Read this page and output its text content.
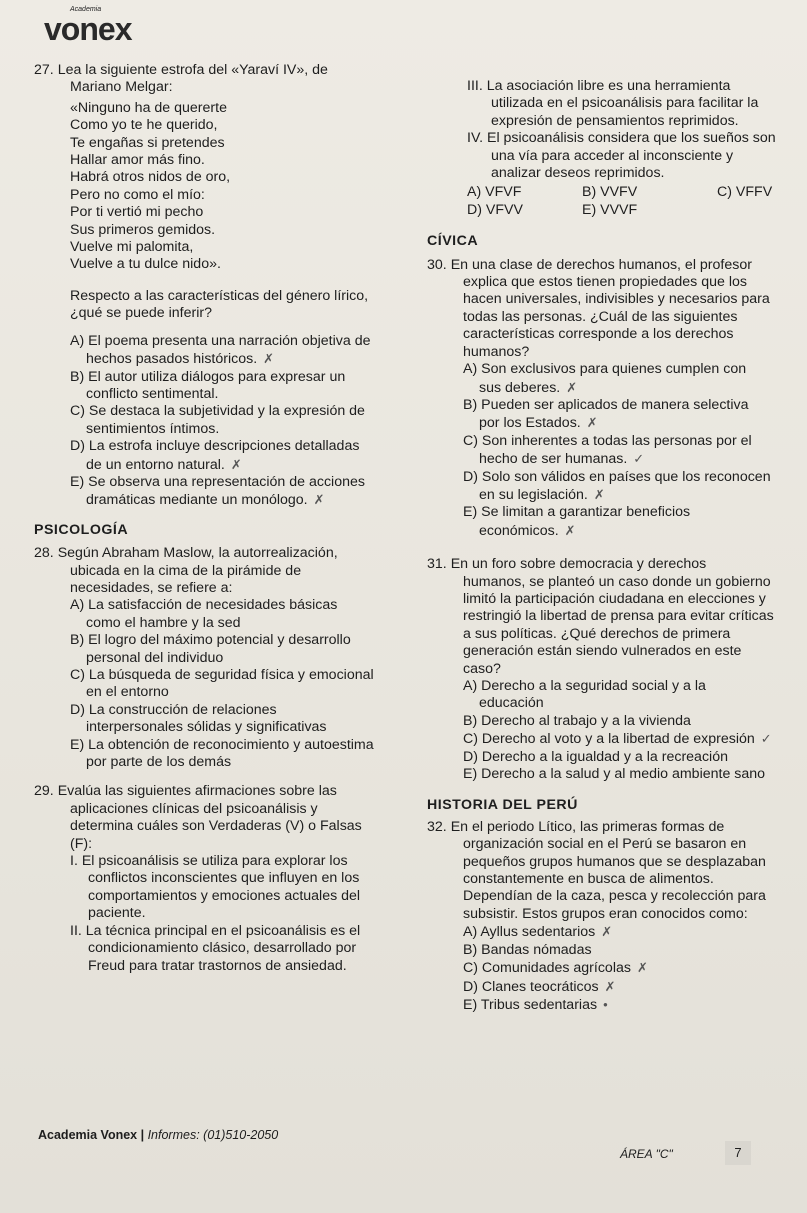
Academia
vonex

27. Lea la siguiente estrofa del «Yaraví IV», de

Mariano Melgar:

«Ninguno ha de quererte

Como yo te he querido,

Te engañas si pretendes

Hallar amor más fino.

Habrá otros nidos de oro,

Pero no como el mío:

Por ti vertió mi pecho

Sus primeros gemidos.

Vuelve mi palomita,

Vuelve a tu dulce nido».

Respecto a las características del género lírico,

¿qué se puede inferir?

A) El poema presenta una narración objetiva de

hechos pasados históricos. ✗

B) El autor utiliza diálogos para expresar un

conflicto sentimental.

C) Se destaca la subjetividad y la expresión de

sentimientos íntimos.

D) La estrofa incluye descripciones detalladas

de un entorno natural. ✗

E) Se observa una representación de acciones

dramáticas mediante un monólogo. ✗

PSICOLOGÍA

28. Según Abraham Maslow, la autorrealización,

ubicada en la cima de la pirámide de

necesidades, se refiere a:

A) La satisfacción de necesidades básicas

como el hambre y la sed

B) El logro del máximo potencial y desarrollo

personal del individuo

C) La búsqueda de seguridad física y emocional

en el entorno

D) La construcción de relaciones

interpersonales sólidas y significativas

E) La obtención de reconocimiento y autoestima

por parte de los demás

29. Evalúa las siguientes afirmaciones sobre las

aplicaciones clínicas del psicoanálisis y

determina cuáles son Verdaderas (V) o Falsas

(F):

I. El psicoanálisis se utiliza para explorar los

conflictos inconscientes que influyen en los

comportamientos y emociones actuales del

paciente.

II. La técnica principal en el psicoanálisis es el

condicionamiento clásico, desarrollado por

Freud para tratar trastornos de ansiedad.

III. La asociación libre es una herramienta

utilizada en el psicoanálisis para facilitar la

expresión de pensamientos reprimidos.

IV. El psicoanálisis considera que los sueños son

una vía para acceder al inconsciente y

analizar deseos reprimidos.

A) VFVF	B) VVFV	C) VFFV
D) VFVV	E) VVVF

CÍVICA

30. En una clase de derechos humanos, el profesor

explica que estos tienen propiedades que los

hacen universales, indivisibles y necesarios para

todas las personas. ¿Cuál de las siguientes

características corresponde a los derechos

humanos?

A) Son exclusivos para quienes cumplen con

sus deberes. ✗

B) Pueden ser aplicados de manera selectiva

por los Estados. ✗

C) Son inherentes a todas las personas por el

hecho de ser humanas. ✓

D) Solo son válidos en países que los reconocen

en su legislación. ✗

E) Se limitan a garantizar beneficios

económicos. ✗

31. En un foro sobre democracia y derechos

humanos, se planteó un caso donde un gobierno

limitó la participación ciudadana en elecciones y

restringió la libertad de prensa para evitar críticas

a sus políticas. ¿Qué derechos de primera

generación están siendo vulnerados en este

caso?

A) Derecho a la seguridad social y a la

educación

B) Derecho al trabajo y a la vivienda

C) Derecho al voto y a la libertad de expresión ✓

D) Derecho a la igualdad y a la recreación

E) Derecho a la salud y al medio ambiente sano

HISTORIA DEL PERÚ

32. En el periodo Lítico, las primeras formas de

organización social en el Perú se basaron en

pequeños grupos humanos que se desplazaban

constantemente en busca de alimentos.

Dependían de la caza, pesca y recolección para

subsistir. Estos grupos eran conocidos como:

A) Ayllus sedentarios ✗

B) Bandas nómadas

C) Comunidades agrícolas ✗

D) Clanes teocráticos ✗

E) Tribus sedentarias •

Academia Vonex | Informes: (01)510-2050
ÁREA "C"	7
